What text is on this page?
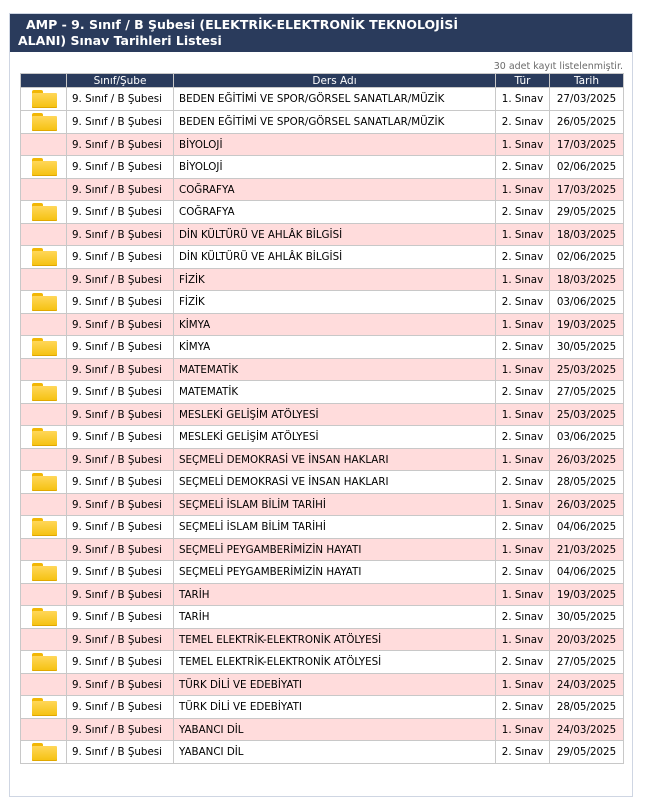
AMP - 9. Sınıf / B Şubesi (ELEKTRİK-ELEKTRONİK TEKNOLOJİSİ
ALANI) Sınav Tarihleri Listesi
30 adet kayıt listelenmiştir.
	Sınıf/Şube	Ders Adı	Tür	Tarih

	9. Sınıf / B Şubesi	BEDEN EĞİTİMİ VE SPOR/GÖRSEL SANATLAR/MÜZİK	1. Sınav	27/03/2025

	9. Sınıf / B Şubesi	BEDEN EĞİTİMİ VE SPOR/GÖRSEL SANATLAR/MÜZİK	2. Sınav	26/05/2025
	9. Sınıf / B Şubesi	BİYOLOJİ	1. Sınav	17/03/2025

	9. Sınıf / B Şubesi	BİYOLOJİ	2. Sınav	02/06/2025
	9. Sınıf / B Şubesi	COĞRAFYA	1. Sınav	17/03/2025

	9. Sınıf / B Şubesi	COĞRAFYA	2. Sınav	29/05/2025
	9. Sınıf / B Şubesi	DİN KÜLTÜRÜ VE AHLÂK BİLGİSİ	1. Sınav	18/03/2025

	9. Sınıf / B Şubesi	DİN KÜLTÜRÜ VE AHLÂK BİLGİSİ	2. Sınav	02/06/2025
	9. Sınıf / B Şubesi	FİZİK	1. Sınav	18/03/2025

	9. Sınıf / B Şubesi	FİZİK	2. Sınav	03/06/2025
	9. Sınıf / B Şubesi	KİMYA	1. Sınav	19/03/2025

	9. Sınıf / B Şubesi	KİMYA	2. Sınav	30/05/2025
	9. Sınıf / B Şubesi	MATEMATİK	1. Sınav	25/03/2025

	9. Sınıf / B Şubesi	MATEMATİK	2. Sınav	27/05/2025
	9. Sınıf / B Şubesi	MESLEKİ GELİŞİM ATÖLYESİ	1. Sınav	25/03/2025

	9. Sınıf / B Şubesi	MESLEKİ GELİŞİM ATÖLYESİ	2. Sınav	03/06/2025
	9. Sınıf / B Şubesi	SEÇMELİ DEMOKRASİ VE İNSAN HAKLARI	1. Sınav	26/03/2025

	9. Sınıf / B Şubesi	SEÇMELİ DEMOKRASİ VE İNSAN HAKLARI	2. Sınav	28/05/2025
	9. Sınıf / B Şubesi	SEÇMELİ İSLAM BİLİM TARİHİ	1. Sınav	26/03/2025

	9. Sınıf / B Şubesi	SEÇMELİ İSLAM BİLİM TARİHİ	2. Sınav	04/06/2025
	9. Sınıf / B Şubesi	SEÇMELİ PEYGAMBERİMİZİN HAYATI	1. Sınav	21/03/2025

	9. Sınıf / B Şubesi	SEÇMELİ PEYGAMBERİMİZİN HAYATI	2. Sınav	04/06/2025
	9. Sınıf / B Şubesi	TARİH	1. Sınav	19/03/2025

	9. Sınıf / B Şubesi	TARİH	2. Sınav	30/05/2025
	9. Sınıf / B Şubesi	TEMEL ELEKTRİK-ELEKTRONİK ATÖLYESİ	1. Sınav	20/03/2025

	9. Sınıf / B Şubesi	TEMEL ELEKTRİK-ELEKTRONİK ATÖLYESİ	2. Sınav	27/05/2025
	9. Sınıf / B Şubesi	TÜRK DİLİ VE EDEBİYATI	1. Sınav	24/03/2025

	9. Sınıf / B Şubesi	TÜRK DİLİ VE EDEBİYATI	2. Sınav	28/05/2025
	9. Sınıf / B Şubesi	YABANCI DİL	1. Sınav	24/03/2025

	9. Sınıf / B Şubesi	YABANCI DİL	2. Sınav	29/05/2025
